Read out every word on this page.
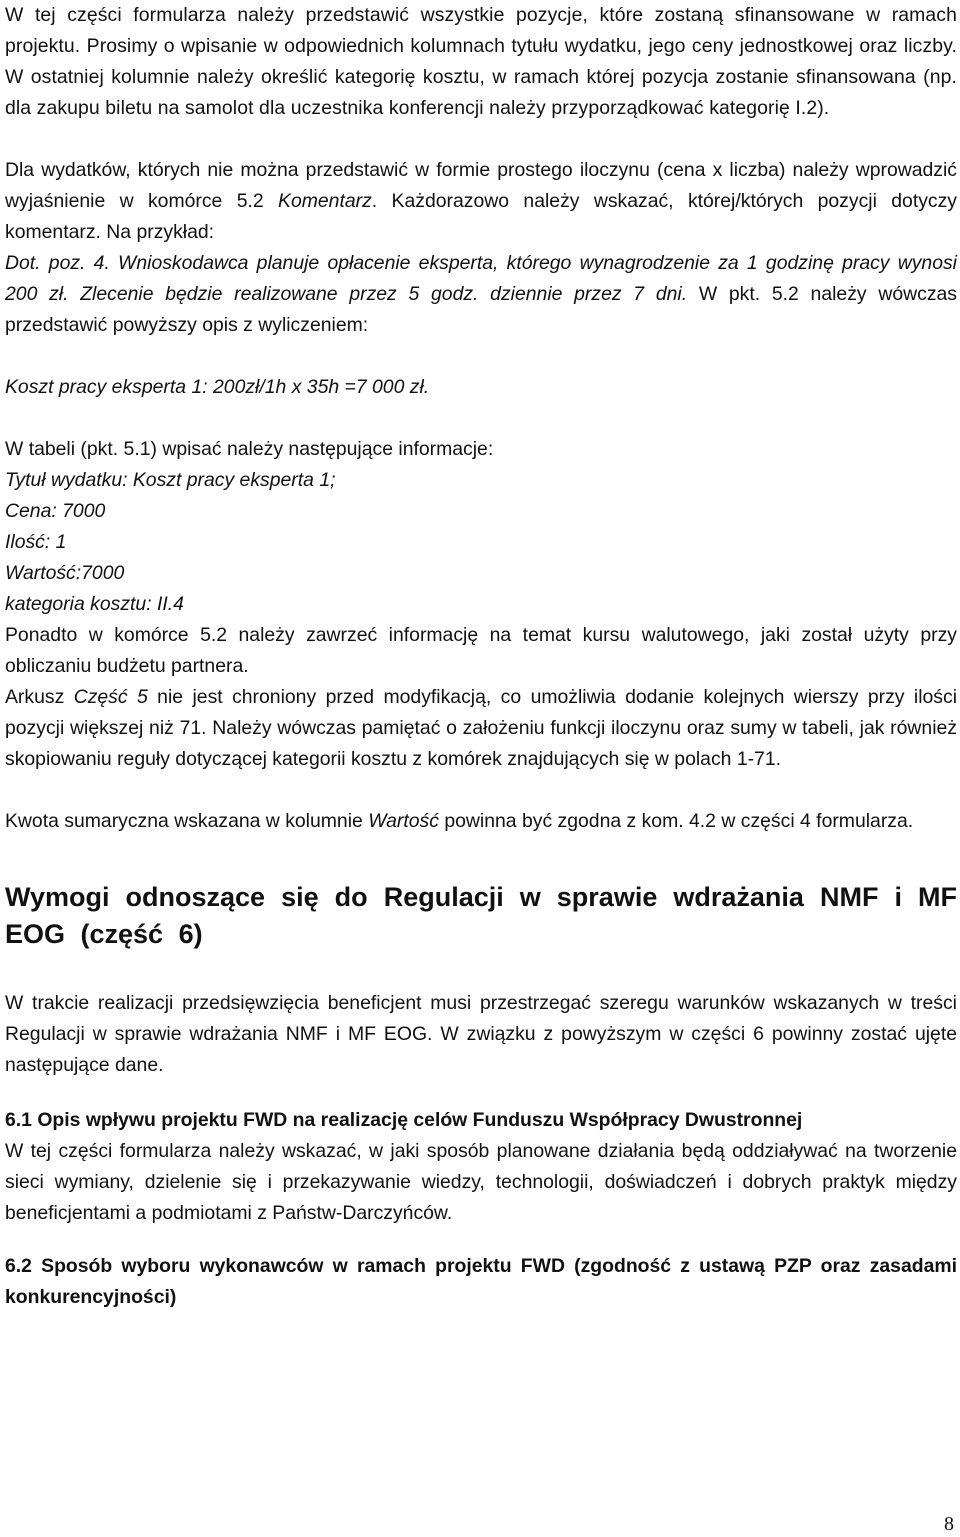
W tej części formularza należy przedstawić wszystkie pozycje, które zostaną sfinansowane w ramach projektu. Prosimy o wpisanie w odpowiednich kolumnach tytułu wydatku, jego ceny jednostkowej oraz liczby. W ostatniej kolumnie należy określić kategorię kosztu, w ramach której pozycja zostanie sfinansowana (np. dla zakupu biletu na samolot dla uczestnika konferencji należy przyporządkować kategorię I.2).

Dla wydatków, których nie można przedstawić w formie prostego iloczynu (cena x liczba) należy wprowadzić wyjaśnienie w komórce 5.2 Komentarz. Każdorazowo należy wskazać, której/których pozycji dotyczy komentarz. Na przykład:

Dot. poz. 4. Wnioskodawca planuje opłacenie eksperta, którego wynagrodzenie za 1 godzinę pracy wynosi 200 zł. Zlecenie będzie realizowane przez 5 godz. dziennie przez 7 dni. W pkt. 5.2 należy wówczas przedstawić powyższy opis z wyliczeniem:

Koszt pracy eksperta 1: 200zł/1h x 35h =7 000 zł.

W tabeli (pkt. 5.1) wpisać należy następujące informacje:

Tytuł wydatku: Koszt pracy eksperta 1;

Cena: 7000

Ilość: 1

Wartość:7000

kategoria kosztu: II.4

Ponadto w komórce 5.2 należy zawrzeć informację na temat kursu walutowego, jaki został użyty przy obliczaniu budżetu partnera.

Arkusz Część 5 nie jest chroniony przed modyfikacją, co umożliwia dodanie kolejnych wierszy przy ilości pozycji większej niż 71. Należy wówczas pamiętać o założeniu funkcji iloczynu oraz sumy w tabeli, jak również skopiowaniu reguły dotyczącej kategorii kosztu z komórek znajdujących się w polach 1-71.

Kwota sumaryczna wskazana w kolumnie Wartość powinna być zgodna z kom. 4.2 w części 4 formularza.

Wymogi odnoszące się do Regulacji w sprawie wdrażania NMF i MF EOG (część 6)

W trakcie realizacji przedsięwzięcia beneficjent musi przestrzegać szeregu warunków wskazanych w treści Regulacji w sprawie wdrażania NMF i MF EOG. W związku z powyższym w części 6 powinny zostać ujęte następujące dane.

6.1 Opis wpływu projektu FWD na realizację celów Funduszu Współpracy Dwustronnej

W tej części formularza należy wskazać, w jaki sposób planowane działania będą oddziaływać na tworzenie sieci wymiany, dzielenie się i przekazywanie wiedzy, technologii, doświadczeń i dobrych praktyk między beneficjentami a podmiotami z Państw-Darczyńców.

6.2 Sposób wyboru wykonawców w ramach projektu FWD (zgodność z ustawą PZP oraz zasadami konkurencyjności)

8
